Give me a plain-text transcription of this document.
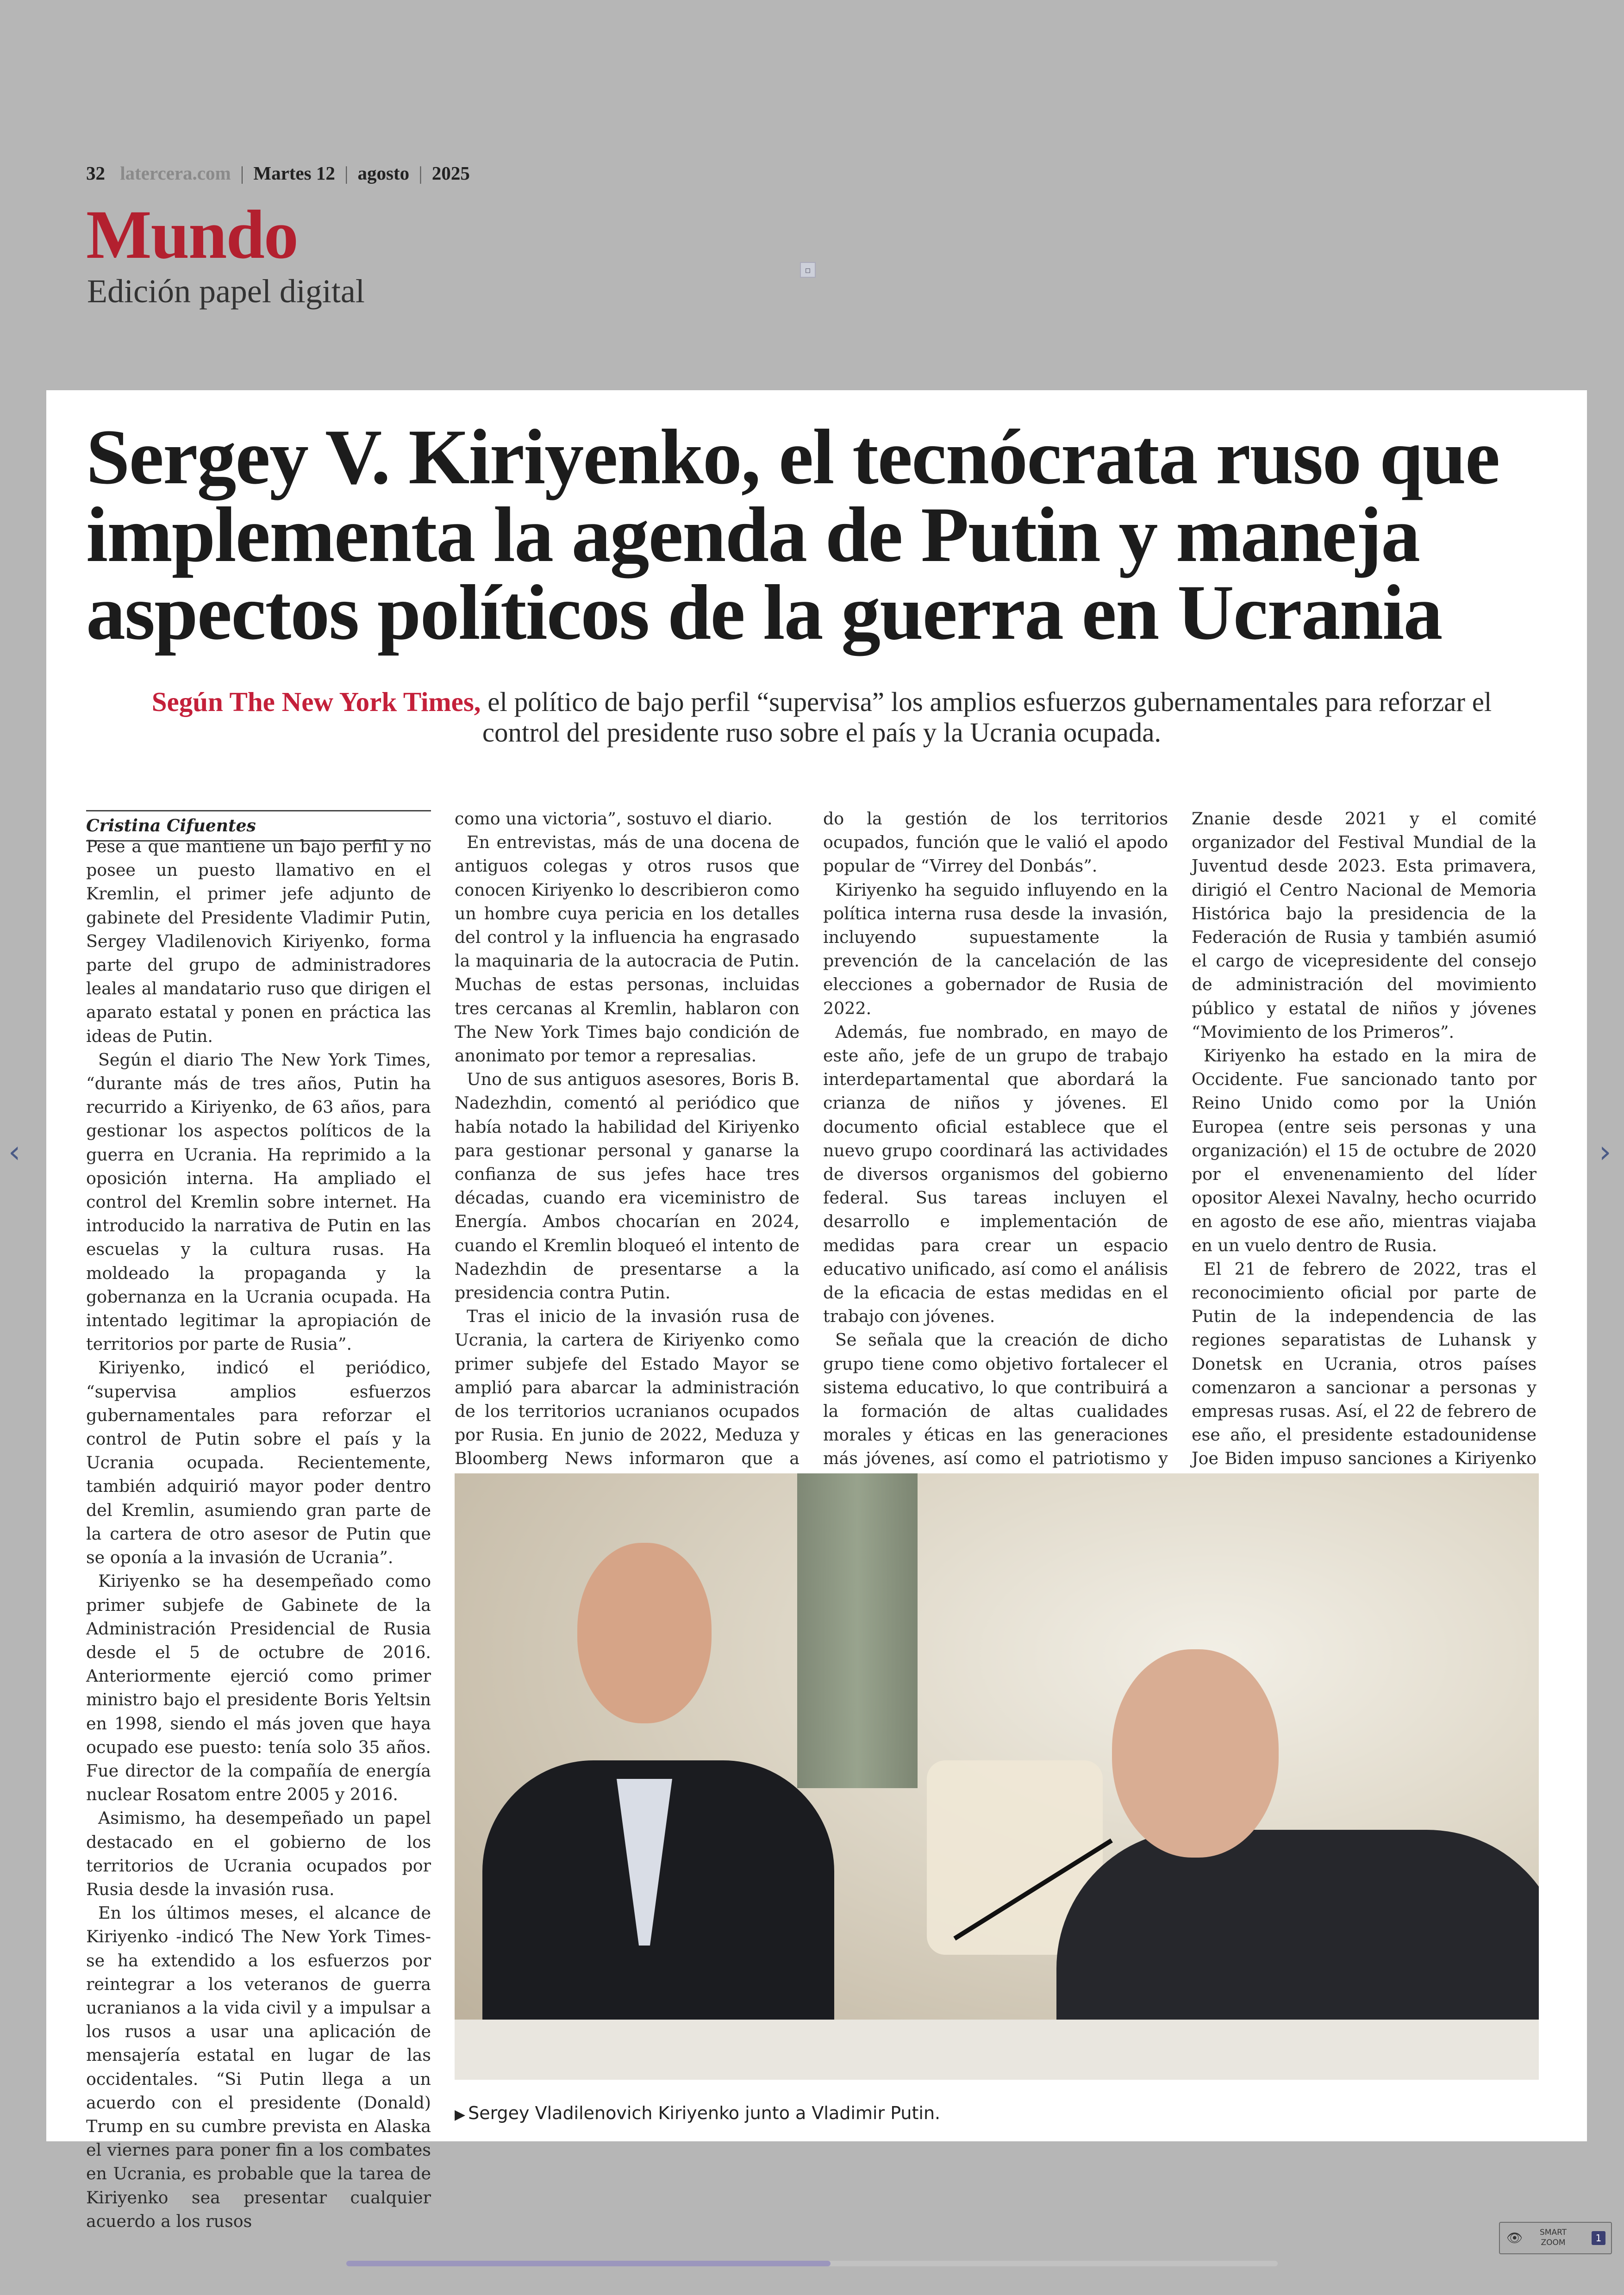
32 latercera.com | Martes 12 | agosto | 2025
Mundo
Edición papel digital
▫
Sergey V. Kiriyenko, el tecnócrata ruso que implementa la agenda de Putin y maneja aspectos políticos de la guerra en Ucrania
Según The New York Times, el político de bajo perfil “supervisa” los amplios esfuerzos gubernamentales para reforzar el control del presidente ruso sobre el país y la Ucrania ocupada.
Cristina Cifuentes

Pese a que mantiene un bajo perfil y no posee un puesto llamativo en el Kremlin, el primer jefe adjunto de gabinete del Presidente Vladimir Putin, Sergey Vladilenovich Kiriyenko, forma parte del grupo de administradores leales al mandatario ruso que dirigen el aparato estatal y ponen en práctica las ideas de Putin.

Según el diario The New York Times, “durante más de tres años, Putin ha recurrido a Kiriyenko, de 63 años, para gestionar los aspectos políticos de la guerra en Ucrania. Ha reprimido a la oposición interna. Ha ampliado el control del Kremlin sobre internet. Ha introducido la narrativa de Putin en las escuelas y la cultura rusas. Ha moldeado la propaganda y la gobernanza en la Ucrania ocupada. Ha intentado legitimar la apropiación de territorios por parte de Rusia”.

Kiriyenko, indicó el periódico, “supervisa amplios esfuerzos gubernamentales para reforzar el control de Putin sobre el país y la Ucrania ocupada. Recientemente, también adquirió mayor poder dentro del Kremlin, asumiendo gran parte de la cartera de otro asesor de Putin que se oponía a la invasión de Ucrania”.

Kiriyenko se ha desempeñado como primer subjefe de Gabinete de la Administración Presidencial de Rusia desde el 5 de octubre de 2016. Anteriormente ejerció como primer ministro bajo el presidente Boris Yeltsin en 1998, siendo el más joven que haya ocupado ese puesto: tenía solo 35 años. Fue director de la compañía de energía nuclear Rosatom entre 2005 y 2016.

Asimismo, ha desempeñado un papel destacado en el gobierno de los territorios de Ucrania ocupados por Rusia desde la invasión rusa.

En los últimos meses, el alcance de Kiriyenko -indicó The New York Times- se ha extendido a los esfuerzos por reintegrar a los veteranos de guerra ucranianos a la vida civil y a impulsar a los rusos a usar una aplicación de mensajería estatal en lugar de las occidentales. “Si Putin llega a un acuerdo con el presidente (Donald) Trump en su cumbre prevista en Alaska el viernes para poner fin a los combates en Ucrania, es probable que la tarea de Kiriyenko sea presentar cualquier acuerdo a los rusos

como una victoria”, sostuvo el diario.

En entrevistas, más de una docena de antiguos colegas y otros rusos que conocen Kiriyenko lo describieron como un hombre cuya pericia en los detalles del control y la influencia ha engrasado la maquinaria de la autocracia de Putin. Muchas de estas personas, incluidas tres cercanas al Kremlin, hablaron con The New York Times bajo condición de anonimato por temor a represalias.

Uno de sus antiguos asesores, Boris B. Nadezhdin, comentó al periódico que había notado la habilidad del Kiriyenko para gestionar personal y ganarse la confianza de sus jefes hace tres décadas, cuando era viceministro de Energía. Ambos chocarían en 2024, cuando el Kremlin bloqueó el intento de Nadezhdin de presentarse a la presidencia contra Putin.

Tras el inicio de la invasión rusa de Ucrania, la cartera de Kiriyenko como primer subjefe del Estado Mayor se amplió para abarcar la administración de los territorios ucranianos ocupados por Rusia. En junio de 2022, Meduza y Bloomberg News informaron que a

do la gestión de los territorios ocupados, función que le valió el apodo popular de “Virrey del Donbás”.

Kiriyenko ha seguido influyendo en la política interna rusa desde la invasión, incluyendo supuestamente la prevención de la cancelación de las elecciones a gobernador de Rusia de 2022.

Además, fue nombrado, en mayo de este año, jefe de un grupo de trabajo interdepartamental que abordará la crianza de niños y jóvenes. El documento oficial establece que el nuevo grupo coordinará las actividades de diversos organismos del gobierno federal. Sus tareas incluyen el desarrollo e implementación de medidas para crear un espacio educativo unificado, así como el análisis de la eficacia de estas medidas en el trabajo con jóvenes.

Se señala que la creación de dicho grupo tiene como objetivo fortalecer el sistema educativo, lo que contribuirá a la formación de altas cualidades morales y éticas en las generaciones más jóvenes, así como el patriotismo y

Znanie desde 2021 y el comité organizador del Festival Mundial de la Juventud desde 2023. Esta primavera, dirigió el Centro Nacional de Memoria Histórica bajo la presidencia de la Federación de Rusia y también asumió el cargo de vicepresidente del consejo de administración del movimiento público y estatal de niños y jóvenes “Movimiento de los Primeros”.

Kiriyenko ha estado en la mira de Occidente. Fue sancionado tanto por Reino Unido como por la Unión Europea (entre seis personas y una organización) el 15 de octubre de 2020 por el envenenamiento del líder opositor Alexei Navalny, hecho ocurrido en agosto de ese año, mientras viajaba en un vuelo dentro de Rusia.

El 21 de febrero de 2022, tras el reconocimiento oficial por parte de Putin de la independencia de las regiones separatistas de Luhansk y Donetsk en Ucrania, otros países comenzaron a sancionar a personas y empresas rusas. Así, el 22 de febrero de ese año, el presidente estadounidense Joe Biden impuso sanciones a Kiriyenko

▶ Sergey Vladilenovich Kiriyenko junto a Vladimir Putin.
‹	›
👁 SMART
ZOOM	1
